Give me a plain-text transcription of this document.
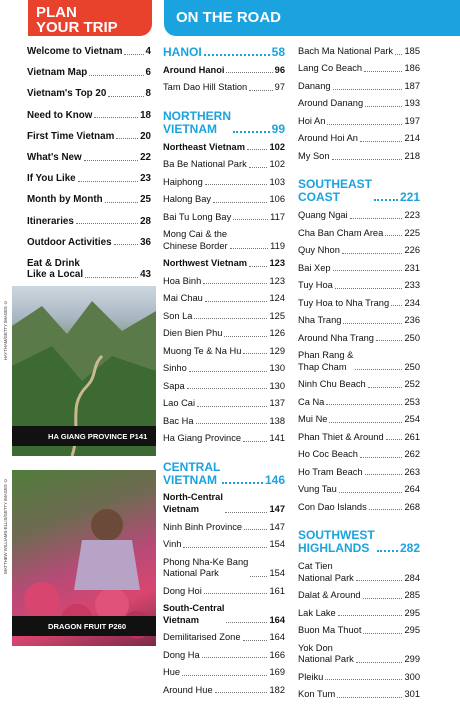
PLAN
YOUR TRIP
ON THE ROAD
Welcome to Vietnam 4
Vietnam Map	6
Vietnam's Top 20	8
Need to Know	18
First Time Vietnam	20
What's New	22
If You Like	23
Month by Month	25
Itineraries	28
Outdoor Activities	36
Eat & Drink
Like a Local	43
HANOI	58
Around Hanoi	96
Tam Dao Hill Station	97
NORTHERN
VIETNAM	99
Northeast Vietnam	102
Ba Be National Park 102
Haiphong	103
Halong Bay	106
Bai Tu Long Bay	117
Mong Cai & the
Chinese Border	119
Northwest Vietnam 123
Hoa Binh	123
Mai Chau	124
Son La	125
Dien Bien Phu	126
Muong Te & Na Hu	129
Sinho	130
Sapa	130
Lao Cai	137
Bac Ha	138
Ha Giang Province	141
CENTRAL
VIETNAM	146
North-Central
Vietnam	147
Ninh Binh Province	147
Vinh	154
Phong Nha-Ke Bang
National Park	154
Dong Hoi	161
South-Central
Vietnam	164
Demilitarised Zone	164
Dong Ha	166
Hue	169
Around Hue	182
Bach Ma National Park 185
Lang Co Beach	186
Danang	187
Around Danang	193
Hoi An	197
Around Hoi An	214
My Son	218
SOUTHEAST
COAST	221
Quang Ngai	223
Cha Ban Cham Area 225
Quy Nhon	226
Bai Xep	231
Tuy Hoa	233
Tuy Hoa to Nha Trang 234
Nha Trang	236
Around Nha Trang	250
Phan Rang &
Thap Cham	250
Ninh Chu Beach	252
Ca Na	253
Mui Ne	254
Phan Thiet & Around 261
Ho Coc Beach	262
Ho Tram Beach	263
Vung Tau	264
Con Dao Islands	268
SOUTHWEST
HIGHLANDS	282
Cat Tien
National Park	284
Dalat & Around	285
Lak Lake	295
Buon Ma Thuot	295
Yok Don
National Park	299
Pleiku	300
Kon Tum	301
HA GIANG PROVINCE P141
HAYTHAM/GETTY IMAGES ©
DRAGON FRUIT P260
MATTHEW WILLIAMS-ELLIS/GETTY IMAGES ©
